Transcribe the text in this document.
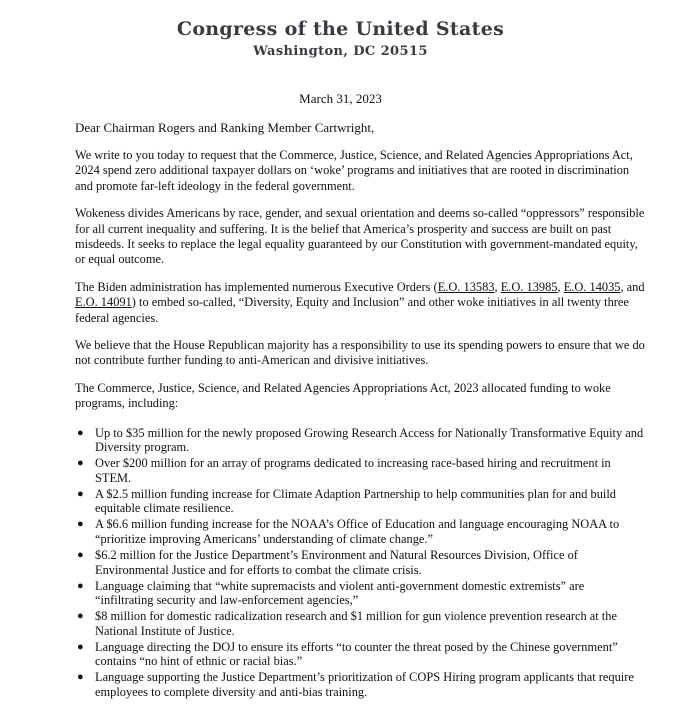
Congress of the United States
Washington, DC 20515
March 31, 2023
Dear Chairman Rogers and Ranking Member Cartwright,

We write to you today to request that the Commerce, Justice, Science, and Related Agencies Appropriations Act, 2024 spend zero additional taxpayer dollars on ‘woke’ programs and initiatives that are rooted in discrimination and promote far-left ideology in the federal government.

Wokeness divides Americans by race, gender, and sexual orientation and deems so-called “oppressors” responsible for all current inequality and suffering. It is the belief that America’s prosperity and success are built on past misdeeds. It seeks to replace the legal equality guaranteed by our Constitution with government-mandated equity, or equal outcome.

The Biden administration has implemented numerous Executive Orders (E.O. 13583, E.O. 13985, E.O. 14035, and E.O. 14091) to embed so-called, “Diversity, Equity and Inclusion” and other woke initiatives in all twenty three federal agencies.

We believe that the House Republican majority has a responsibility to use its spending powers to ensure that we do not contribute further funding to anti-American and divisive initiatives.

The Commerce, Justice, Science, and Related Agencies Appropriations Act, 2023 allocated funding to woke programs, including:

● Up to $35 million for the newly proposed Growing Research Access for Nationally Transformative Equity and Diversity program.
● Over $200 million for an array of programs dedicated to increasing race-based hiring and recruitment in STEM.
● A $2.5 million funding increase for Climate Adaption Partnership to help communities plan for and build equitable climate resilience.
● A $6.6 million funding increase for the NOAA’s Office of Education and language encouraging NOAA to “prioritize improving Americans’ understanding of climate change.”
● $6.2 million for the Justice Department’s Environment and Natural Resources Division, Office of Environmental Justice and for efforts to combat the climate crisis.
● Language claiming that “white supremacists and violent anti-government domestic extremists” are “infiltrating security and law-enforcement agencies,”
● $8 million for domestic radicalization research and $1 million for gun violence prevention research at the National Institute of Justice.
● Language directing the DOJ to ensure its efforts “to counter the threat posed by the Chinese government” contains “no hint of ethnic or racial bias.”
● Language supporting the Justice Department’s prioritization of COPS Hiring program applicants that require employees to complete diversity and anti-bias training.
